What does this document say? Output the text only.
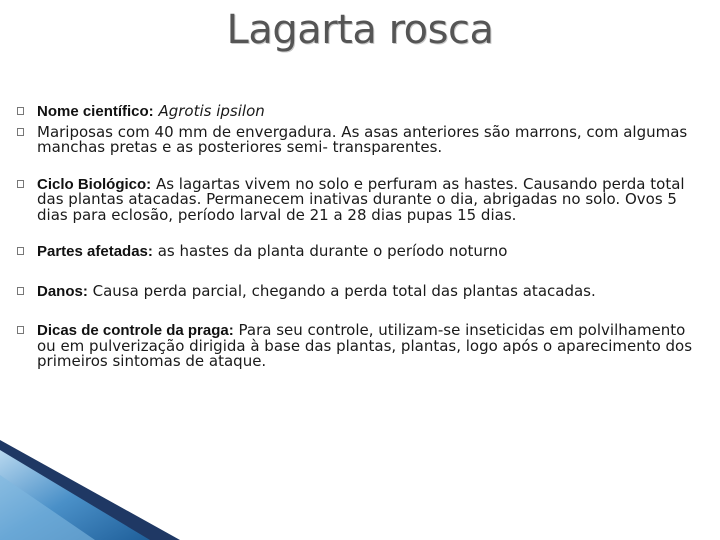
Lagarta rosca
Nome científico: Agrotis ipsilon
Mariposas com 40 mm de envergadura. As asas anteriores são marrons, com algumas manchas pretas e as posteriores semi- transparentes.
Ciclo Biológico: As lagartas vivem no solo e perfuram as hastes. Causando perda total das plantas atacadas. Permanecem inativas durante o dia, abrigadas no solo. Ovos 5 dias para eclosão, período larval de 21 a 28 dias pupas 15 dias.
Partes afetadas: as hastes da planta durante o período noturno
Danos: Causa perda parcial, chegando a perda total das plantas atacadas.
Dicas de controle da praga: Para seu controle, utilizam-se inseticidas em polvilhamento ou em pulverização dirigida à base das plantas, plantas, logo após o aparecimento dos primeiros sintomas de ataque.
